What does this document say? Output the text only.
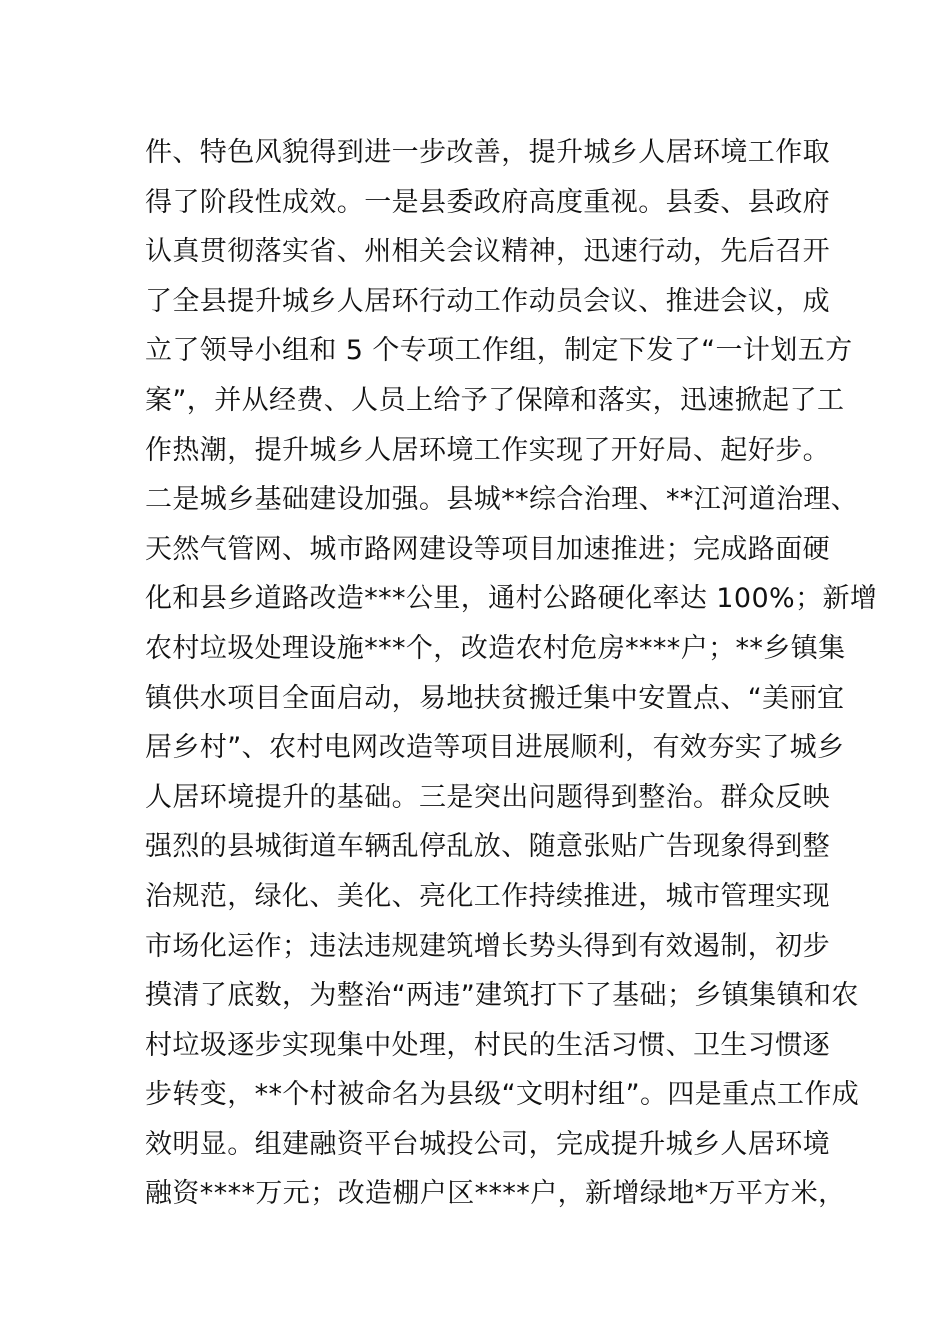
件、特色风貌得到进一步改善，提升城乡人居环境工作取
得了阶段性成效。一是县委政府高度重视。县委、县政府
认真贯彻落实省、州相关会议精神，迅速行动，先后召开
了全县提升城乡人居环行动工作动员会议、推进会议，成
立了领导小组和 5 个专项工作组，制定下发了“一计划五方
案”，并从经费、人员上给予了保障和落实，迅速掀起了工
作热潮，提升城乡人居环境工作实现了开好局、起好步。
二是城乡基础建设加强。县城**综合治理、**江河道治理、
天然气管网、城市路网建设等项目加速推进；完成路面硬
化和县乡道路改造***公里，通村公路硬化率达 100%；新增
农村垃圾处理设施***个，改造农村危房****户；**乡镇集
镇供水项目全面启动，易地扶贫搬迁集中安置点、“美丽宜
居乡村”、农村电网改造等项目进展顺利，有效夯实了城乡
人居环境提升的基础。三是突出问题得到整治。群众反映
强烈的县城街道车辆乱停乱放、随意张贴广告现象得到整
治规范，绿化、美化、亮化工作持续推进，城市管理实现
市场化运作；违法违规建筑增长势头得到有效遏制，初步
摸清了底数，为整治“两违”建筑打下了基础；乡镇集镇和农
村垃圾逐步实现集中处理，村民的生活习惯、卫生习惯逐
步转变，**个村被命名为县级“文明村组”。四是重点工作成
效明显。组建融资平台城投公司，完成提升城乡人居环境
融资****万元；改造棚户区****户，新增绿地*万平方米，
